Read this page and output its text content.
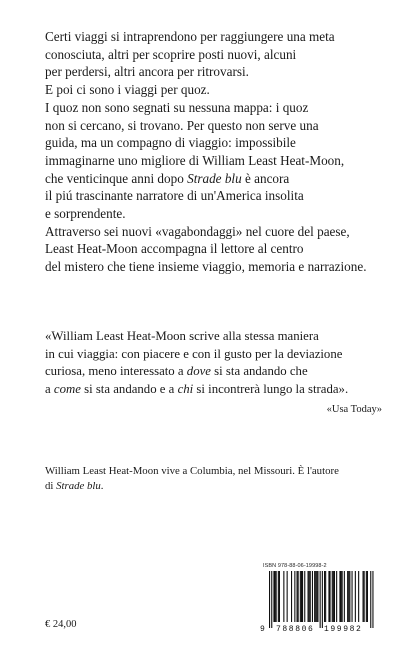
Certi viaggi si intraprendono per raggiungere una meta

conosciuta, altri per scoprire posti nuovi, alcuni

per perdersi, altri ancora per ritrovarsi.

E poi ci sono i viaggi per quoz.

I quoz non sono segnati su nessuna mappa: i quoz

non si cercano, si trovano. Per questo non serve una

guida, ma un compagno di viaggio: impossibile

immaginarne uno migliore di William Least Heat-Moon,

che venticinque anni dopo Strade blu è ancora

il piú trascinante narratore di un'America insolita

e sorprendente.

Attraverso sei nuovi «vagabondaggi» nel cuore del paese,

Least Heat-Moon accompagna il lettore al centro

del mistero che tiene insieme viaggio, memoria e narrazione.

«William Least Heat-Moon scrive alla stessa maniera

in cui viaggia: con piacere e con il gusto per la deviazione

curiosa, meno interessato a dove si sta andando che

a come si sta andando e a chi si incontrerà lungo la strada».

«Usa Today»

William Least Heat-Moon vive a Columbia, nel Missouri. È l'autore

di Strade blu.

ISBN 978-88-06-19998-2
9 788806 199982
€ 24,00
